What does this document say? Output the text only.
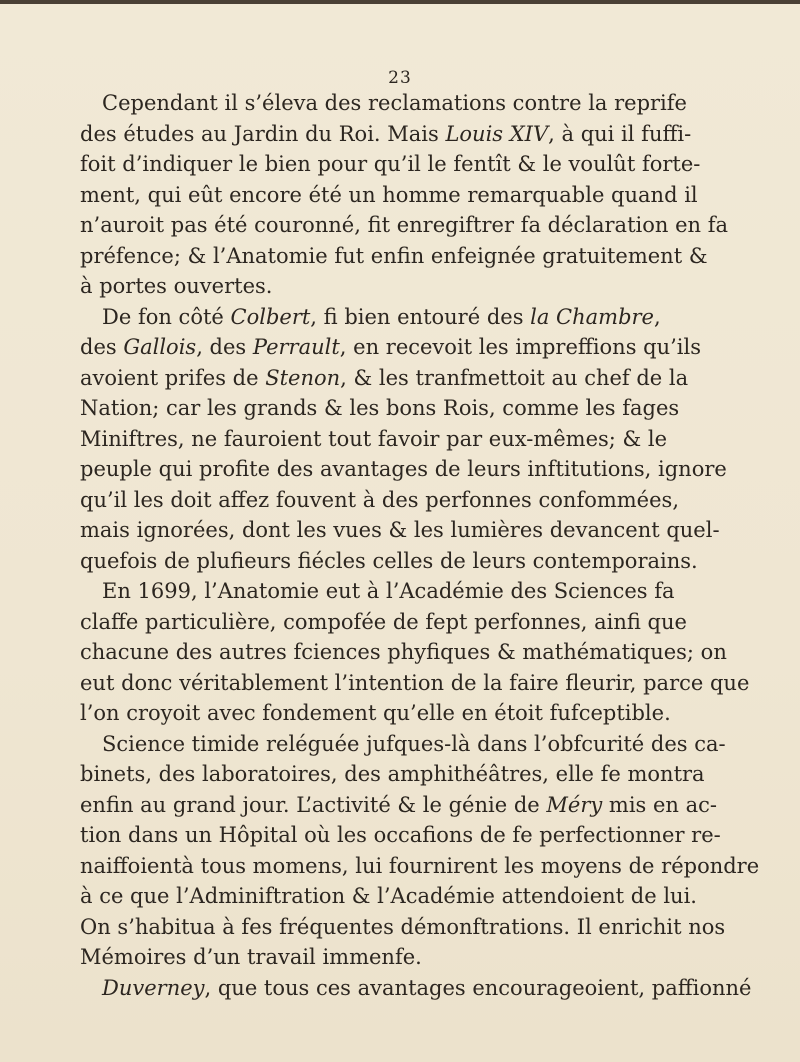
23
Cependant il s’éleva des reclamations contre la reprife
des études au Jardin du Roi. Mais Louis XIV, à qui il fuffi-
foit d’indiquer le bien pour qu’il le fentît & le voulût forte-
ment, qui eût encore été un homme remarquable quand il
n’auroit pas été couronné, fit enregiftrer fa déclaration en fa
préfence; & l’Anatomie fut enfin enfeignée gratuitement &
à portes ouvertes.
De fon côté Colbert, fi bien entouré des la Chambre,
des Gallois, des Perrault, en recevoit les impreffions qu’ils
avoient prifes de Stenon, & les tranfmettoit au chef de la
Nation; car les grands & les bons Rois, comme les fages
Miniftres, ne fauroient tout favoir par eux-mêmes; & le
peuple qui profite des avantages de leurs inftitutions, ignore
qu’il les doit affez fouvent à des perfonnes confommées,
mais ignorées, dont les vues & les lumières devancent quel-
quefois de plufieurs fiécles celles de leurs contemporains.
En 1699, l’Anatomie eut à l’Académie des Sciences fa
claffe particulière, compofée de fept perfonnes, ainfi que
chacune des autres fciences phyfiques & mathématiques; on
eut donc véritablement l’intention de la faire fleurir, parce que
l’on croyoit avec fondement qu’elle en étoit fufceptible.
Science timide reléguée jufques-là dans l’obfcurité des ca-
binets, des laboratoires, des amphithéâtres, elle fe montra
enfin au grand jour. L’activité & le génie de Méry mis en ac-
tion dans un Hôpital où les occafions de fe perfectionner re-
naiffoientà tous momens, lui fournirent les moyens de répondre
à ce que l’Adminiftration & l’Académie attendoient de lui.
On s’habitua à fes fréquentes démonftrations. Il enrichit nos
Mémoires d’un travail immenfe.
Duverney, que tous ces avantages encourageoient, paffionné
